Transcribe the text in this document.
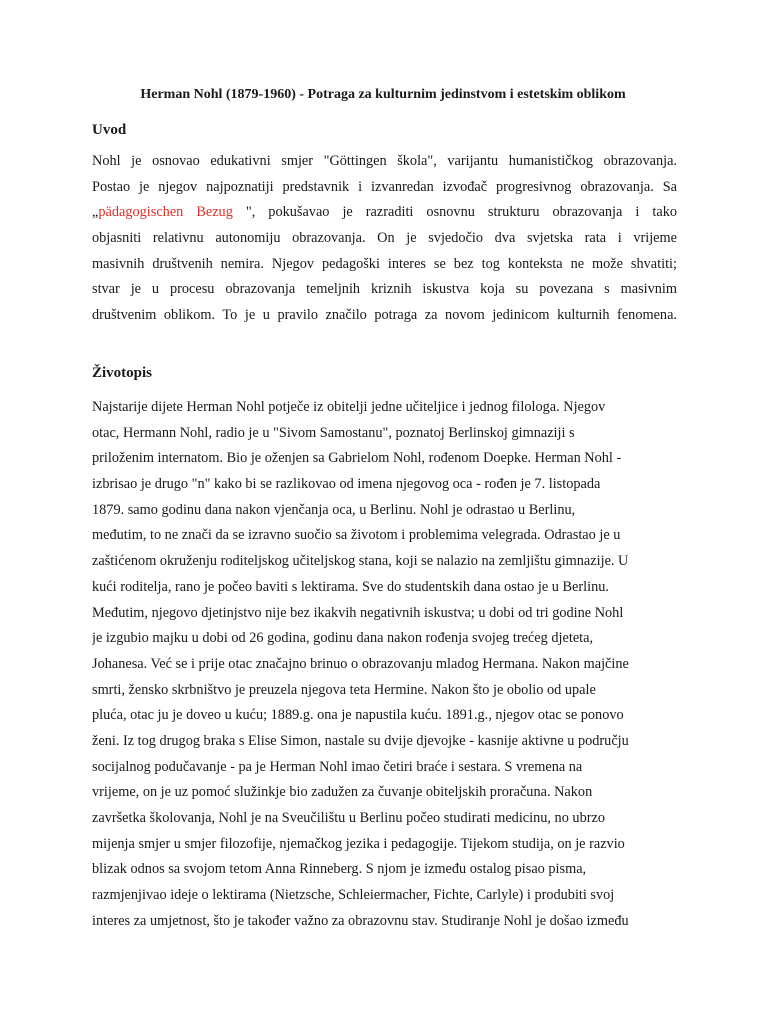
Herman Nohl (1879-1960) - Potraga za kulturnim jedinstvom i estetskim oblikom
Uvod
Nohl je osnovao edukativni smjer "Göttingen škola", varijantu humanističkog obrazovanja.
Postao je njegov najpoznatiji predstavnik i izvanredan izvođač progresivnog obrazovanja. Sa
„pädagogischen Bezug ", pokušavao je razraditi osnovnu strukturu obrazovanja i tako
objasniti relativnu autonomiju obrazovanja. On je svjedočio dva svjetska rata i vrijeme
masivnih društvenih nemira. Njegov pedagoški interes se bez tog konteksta ne može shvatiti;
stvar je u procesu obrazovanja temeljnih kriznih iskustva koja su povezana s masivnim
društvenim oblikom. To je u pravilo značilo potraga za novom jedinicom kulturnih fenomena.
Životopis
Najstarije dijete Herman Nohl potječe iz obitelji jedne učiteljice i jednog filologa. Njegov
otac, Hermann Nohl, radio je u "Sivom Samostanu", poznatoj Berlinskoj gimnaziji s
priloženim internatom. Bio je oženjen sa Gabrielom Nohl, rođenom Doepke. Herman Nohl -
izbrisao je drugo "n" kako bi se razlikovao od imena njegovog oca - rođen je 7. listopada
1879. samo godinu dana nakon vjenčanja oca, u Berlinu. Nohl je odrastao u Berlinu,
međutim, to ne znači da se izravno suočio sa životom i problemima velegrada. Odrastao je u
zaštićenom okruženju roditeljskog učiteljskog stana, koji se nalazio na zemljištu gimnazije. U
kući roditelja, rano je počeo baviti s lektirama. Sve do studentskih dana ostao je u Berlinu.
Međutim, njegovo djetinjstvo nije bez ikakvih negativnih iskustva; u dobi od tri godine Nohl
je izgubio majku u dobi od 26 godina, godinu dana nakon rođenja svojeg trećeg djeteta,
Johanesa. Već se i prije otac značajno brinuo o obrazovanju mladog Hermana. Nakon majčine
smrti, žensko skrbništvo je preuzela njegova teta Hermine. Nakon što je obolio od upale
pluća, otac ju je doveo u kuću; 1889.g. ona je napustila kuću. 1891.g., njegov otac se ponovo
ženi. Iz tog drugog braka s Elise Simon, nastale su dvije djevojke - kasnije aktivne u području
socijalnog podučavanje - pa je Herman Nohl imao četiri braće i sestara. S vremena na
vrijeme, on je uz pomoć služinkje bio zadužen za čuvanje obiteljskih proračuna. Nakon
završetka školovanja, Nohl je na Sveučilištu u Berlinu počeo studirati medicinu, no ubrzo
mijenja smjer u smjer filozofije, njemačkog jezika i pedagogije. Tijekom studija, on je razvio
blizak odnos sa svojom tetom Anna Rinneberg. S njom je između ostalog pisao pisma,
razmjenjivao ideje o lektirama (Nietzsche, Schleiermacher, Fichte, Carlyle) i produbiti svoj
interes za umjetnost, što je također važno za obrazovnu stav. Studiranje Nohl je došao između
